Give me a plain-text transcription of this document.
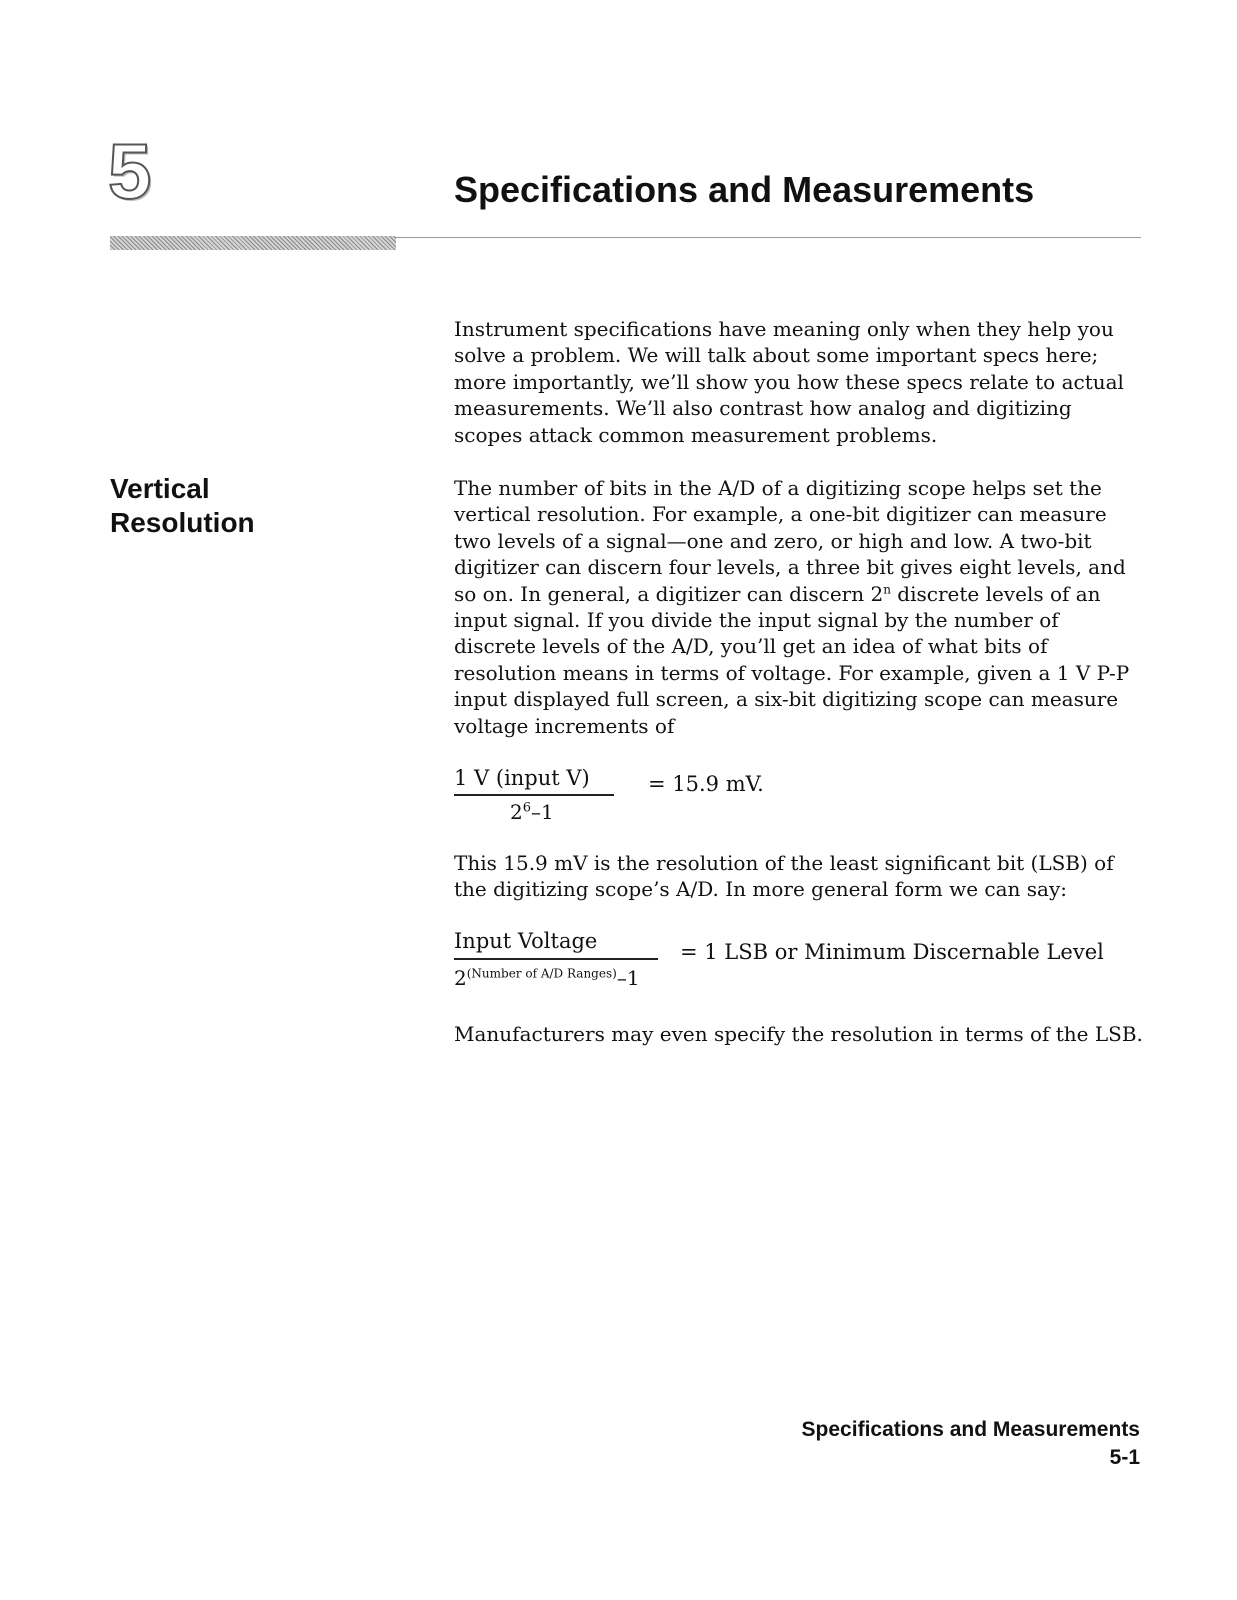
5	Specifications and Measurements

Instrument specifications have meaning only when they help you solve a problem. We will talk about some important specs here; more importantly, we’ll show you how these specs relate to actual measurements. We’ll also contrast how analog and digitizing scopes attack common measurement problems.

Vertical
Resolution

The number of bits in the A/D of a digitizing scope helps set the vertical resolution. For example, a one-bit digitizer can measure two levels of a signal—one and zero, or high and low. A two-bit digitizer can discern four levels, a three bit gives eight levels, and so on. In general, a digitizer can discern 2$^n$ discrete levels of an input signal. If you divide the input signal by the number of discrete levels of the A/D, you’ll get an idea of what bits of resolution means in terms of voltage. For example, given a 1 V P-P input displayed full screen, a six-bit digitizing scope can measure voltage increments of

1 V (input V)
$2^6-1$
= 15.9 mV.

This 15.9 mV is the resolution of the least significant bit (LSB) of the digitizing scope’s A/D. In more general form we can say:

Input Voltage
$2^{(Number of A/D Ranges)}-1$
= 1 LSB or Minimum Discernable Level

Manufacturers may even specify the resolution in terms of the LSB.

Specifications and Measurements
5-1
